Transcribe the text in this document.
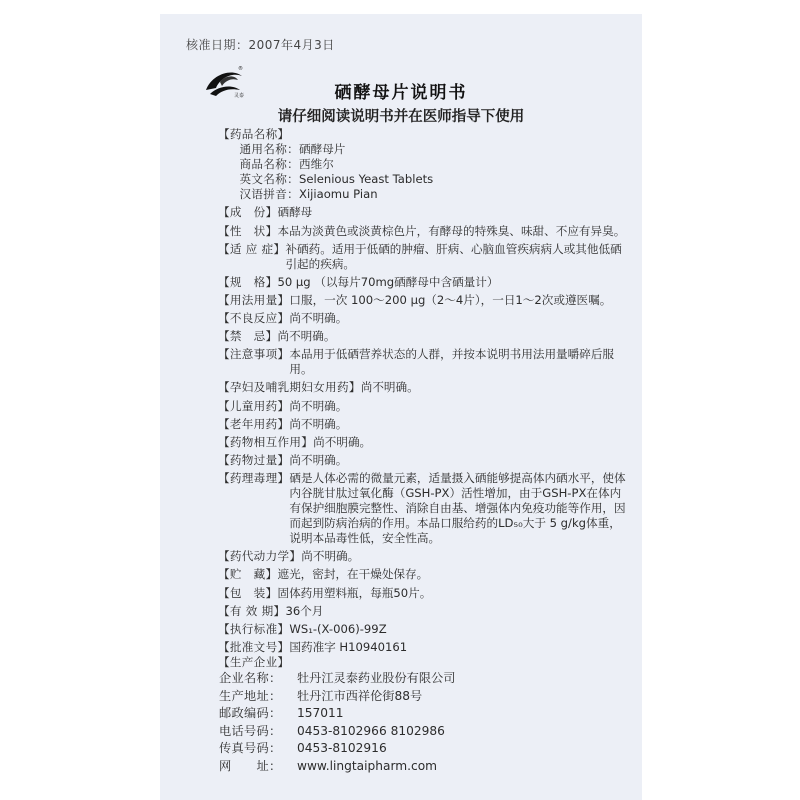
核准日期：2007年4月3日
®
灵泰	硒酵母片说明书
请仔细阅读说明书并在医师指导下使用
【药品名称】
通用名称： 硒酵母片
商品名称： 西维尔
英文名称： Selenious Yeast Tablets
汉语拼音： Xijiaomu Pian
【成　份】 硒酵母
【性　状】 本品为淡黄色或淡黄棕色片，有酵母的特殊臭、味甜、不应有异臭。
【适 应 症】 补硒药。适用于低硒的肿瘤、肝病、心脑血管疾病病人或其他低硒引起的疾病。
【规　格】 50 μg （以每片70mg硒酵母中含硒量计）
【用法用量】 口服，一次 100～200 μg（2～4片），一日1～2次或遵医嘱。
【不良反应】 尚不明确。
【禁　忌】 尚不明确。
【注意事项】 本品用于低硒营养状态的人群，并按本说明书用法用量嚼碎后服用。
【孕妇及哺乳期妇女用药】 尚不明确。
【儿童用药】 尚不明确。
【老年用药】 尚不明确。
【药物相互作用】 尚不明确。
【药物过量】 尚不明确。
【药理毒理】 硒是人体必需的微量元素，适量摄入硒能够提高体内硒水平，使体内谷胱甘肽过氧化酶（GSH-PX）活性增加，由于GSH-PX在体内有保护细胞膜完整性、消除自由基、增强体内免疫功能等作用，因而起到防病治病的作用。本品口服给药的LD₅₀大于 5 g/kg体重，说明本品毒性低，安全性高。
【药代动力学】 尚不明确。
【贮　藏】 遮光，密封，在干燥处保存。
【包　装】 固体药用塑料瓶，每瓶50片。
【有 效 期】 36个月
【执行标准】 WS₁-(X-006)-99Z
【批准文号】 国药准字 H10940161
【生产企业】
企业名称：	牡丹江灵泰药业股份有限公司
生产地址：	牡丹江市西祥伦街88号
邮政编码：	157011
电话号码：	0453-8102966 8102986
传真号码：	0453-8102916
网　　址：	www.lingtaipharm.com
